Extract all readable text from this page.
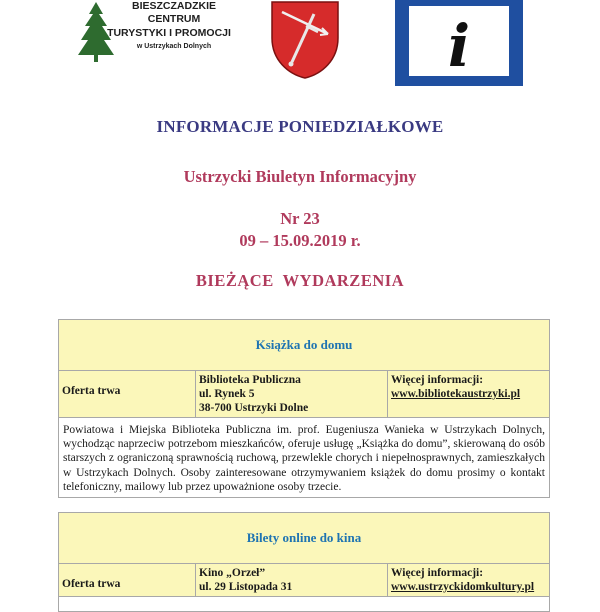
BIESZCZADZKIE
CENTRUM
TURYSTYKI I PROMOCJI
w Ustrzykach Dolnych	i
INFORMACJE PONIEDZIAŁKOWE
Ustrzycki Biuletyn Informacyjny
Nr 23
09 – 15.09.2019 r.
BIEŻĄCE  WYDARZENIA
Książka do domu
Oferta trwa
Biblioteka Publiczna
ul. Rynek 5
38-700 Ustrzyki Dolne
Więcej informacji:
www.bibliotekaustrzyki.pl
Powiatowa i Miejska Biblioteka Publiczna im. prof. Eugeniusza Wanieka w Ustrzykach Dolnych, wychodząc naprzeciw potrzebom mieszkańców, oferuje usługę „Książka do domu”, skierowaną do osób starszych z ograniczoną sprawnością ruchową, przewlekle chorych i niepełnosprawnych, zamieszkałych w Ustrzykach Dolnych. Osoby zainteresowane otrzymywaniem książek do domu prosimy o kontakt telefoniczny, mailowy lub przez upoważnione osoby trzecie.
Bilety online do kina
Oferta trwa
Kino „Orzeł”
ul. 29 Listopada 31
Więcej informacji:
www.ustrzyckidomkultury.pl
